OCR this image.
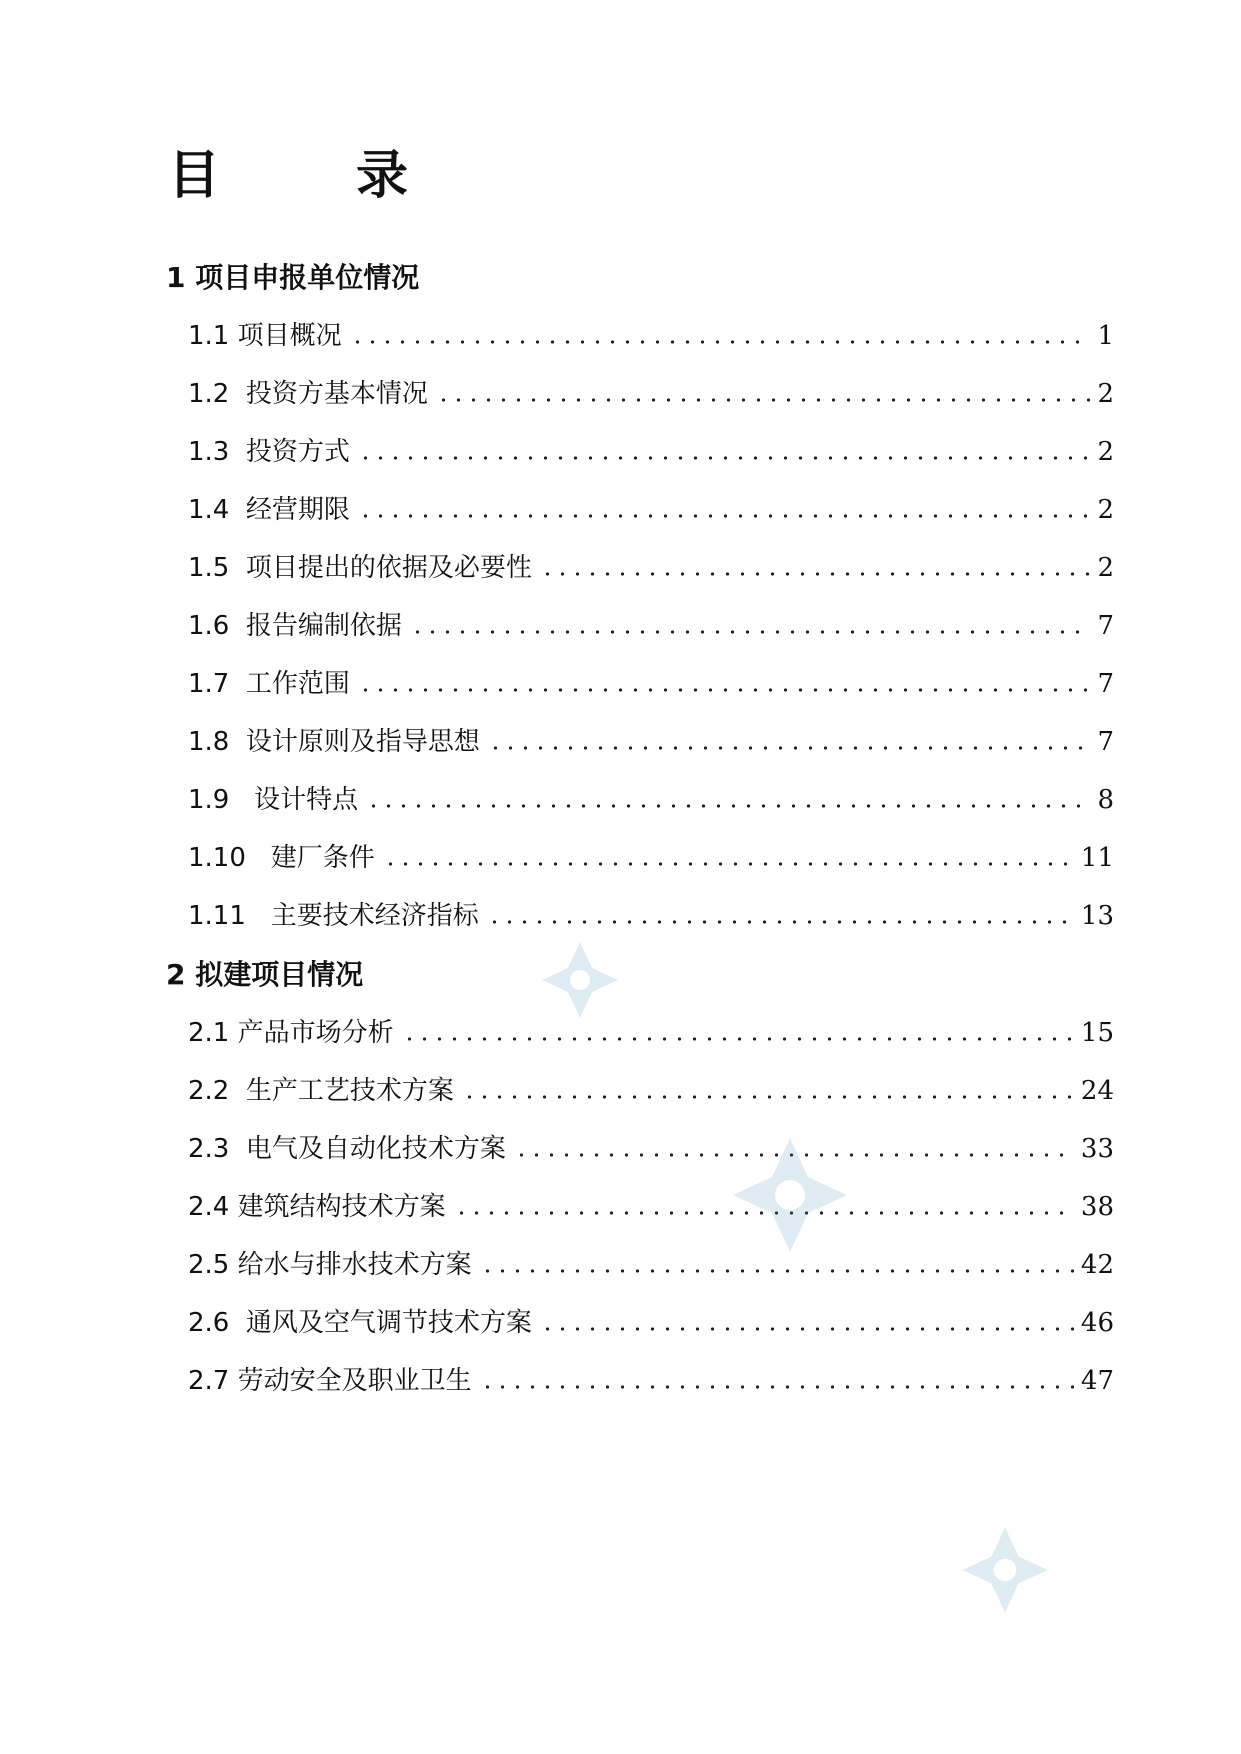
目　录
1 项目申报单位情况
1.1 项目概况	1
1.2 投资方基本情况	2
1.3 投资方式	2
1.4 经营期限	2
1.5 项目提出的依据及必要性	2
1.6 报告编制依据	7
1.7 工作范围	7
1.8 设计原则及指导思想	7
1.9 设计特点	8
1.10 建厂条件	11
1.11 主要技术经济指标	13
2 拟建项目情况
2.1 产品市场分析	15
2.2 生产工艺技术方案	24
2.3 电气及自动化技术方案	33
2.4 建筑结构技术方案	38
2.5 给水与排水技术方案	42
2.6 通风及空气调节技术方案	46
2.7 劳动安全及职业卫生	47
